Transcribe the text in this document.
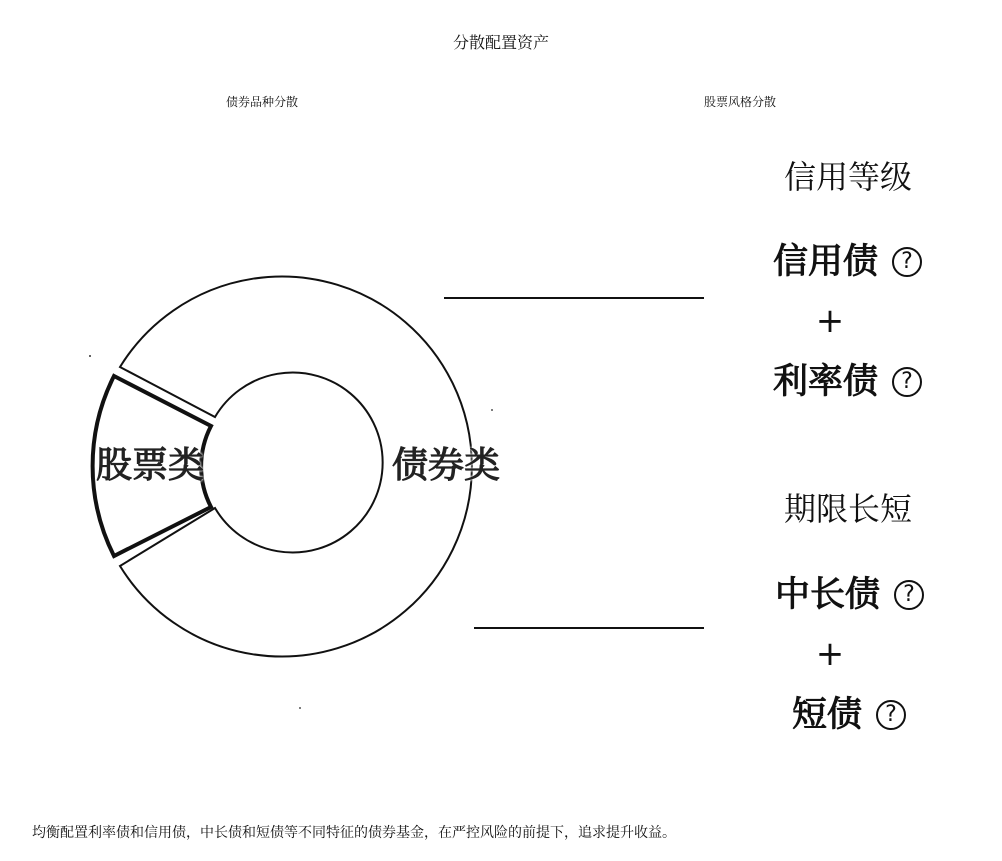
分散配置资产
债券品种分散	股票风格分散
股票类	债券类
信用等级
信用债	?
+
利率债	?
期限长短
中长债	?
+
短债	?
均衡配置利率债和信用债，中长债和短债等不同特征的债券基金，在严控风险的前提下，追求提升收益。
